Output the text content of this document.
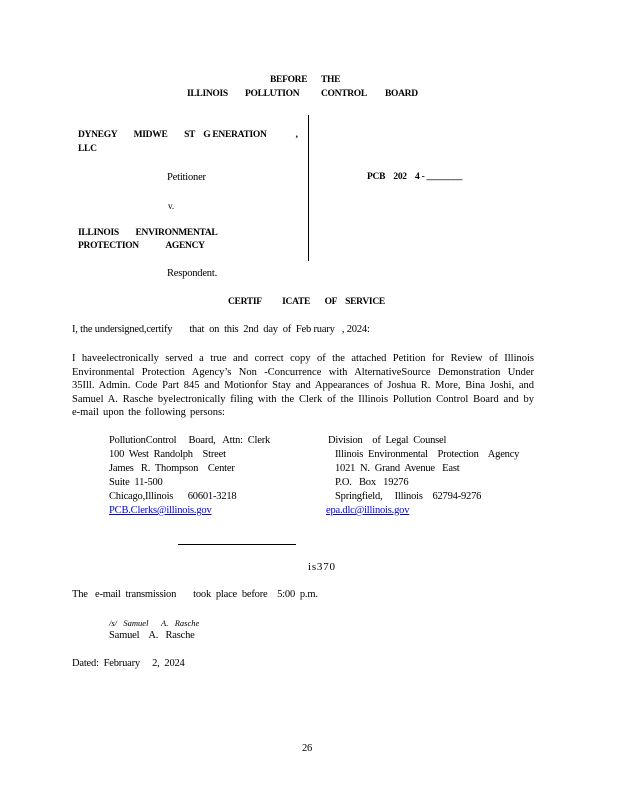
BEFORE THE
ILLINOIS POLLUTION CONTROL BOARD
DYNEGY        MIDWE        ST    G ENERATION              ,
LLC
Petitioner	PCB    202    4 - ________
v.
ILLINOIS        ENVIRONMENTAL
PROTECTION             AGENCY
Respondent.
CERTIF          ICATE       OF    SERVICE
I, the undersigned,certify       that  on  this  2nd  day  of  Feb ruary   , 2024:
I haveelectronically served a true and correct copy of the attached Petition for Review of Illinois Environmental Protection Agency’s Non -Concurrence with AlternativeSource Demonstration Under 35Ill. Admin. Code Part 845 and Motionfor Stay and Appearances of Joshua R. More, Bina Joshi, and Samuel A. Rasche byelectronically filing with the Clerk of the Illinois Pollution Control Board and by e-mail upon the following persons:
PollutionControl     Board,   Attn:  Clerk
100  West  Randolph    Street
James   R.  Thompson    Center
Suite  11-500
Chicago,Illinois      60601-3218
PCB.Clerks@illinois.gov
Division    of  Legal  Counsel
Illinois  Environmental    Protection    Agency
1021  N.  Grand  Avenue   East
P.O.   Box   19276
Springfield,     Illinois    62794-9276
epa.dlc@illinois.gov
is370
The   e-mail  transmission       took  place  before    5:00  p.m.
/s/   Samuel      A.   Rasche
Samuel    A.   Rasche
Dated:  February     2,  2024
26
